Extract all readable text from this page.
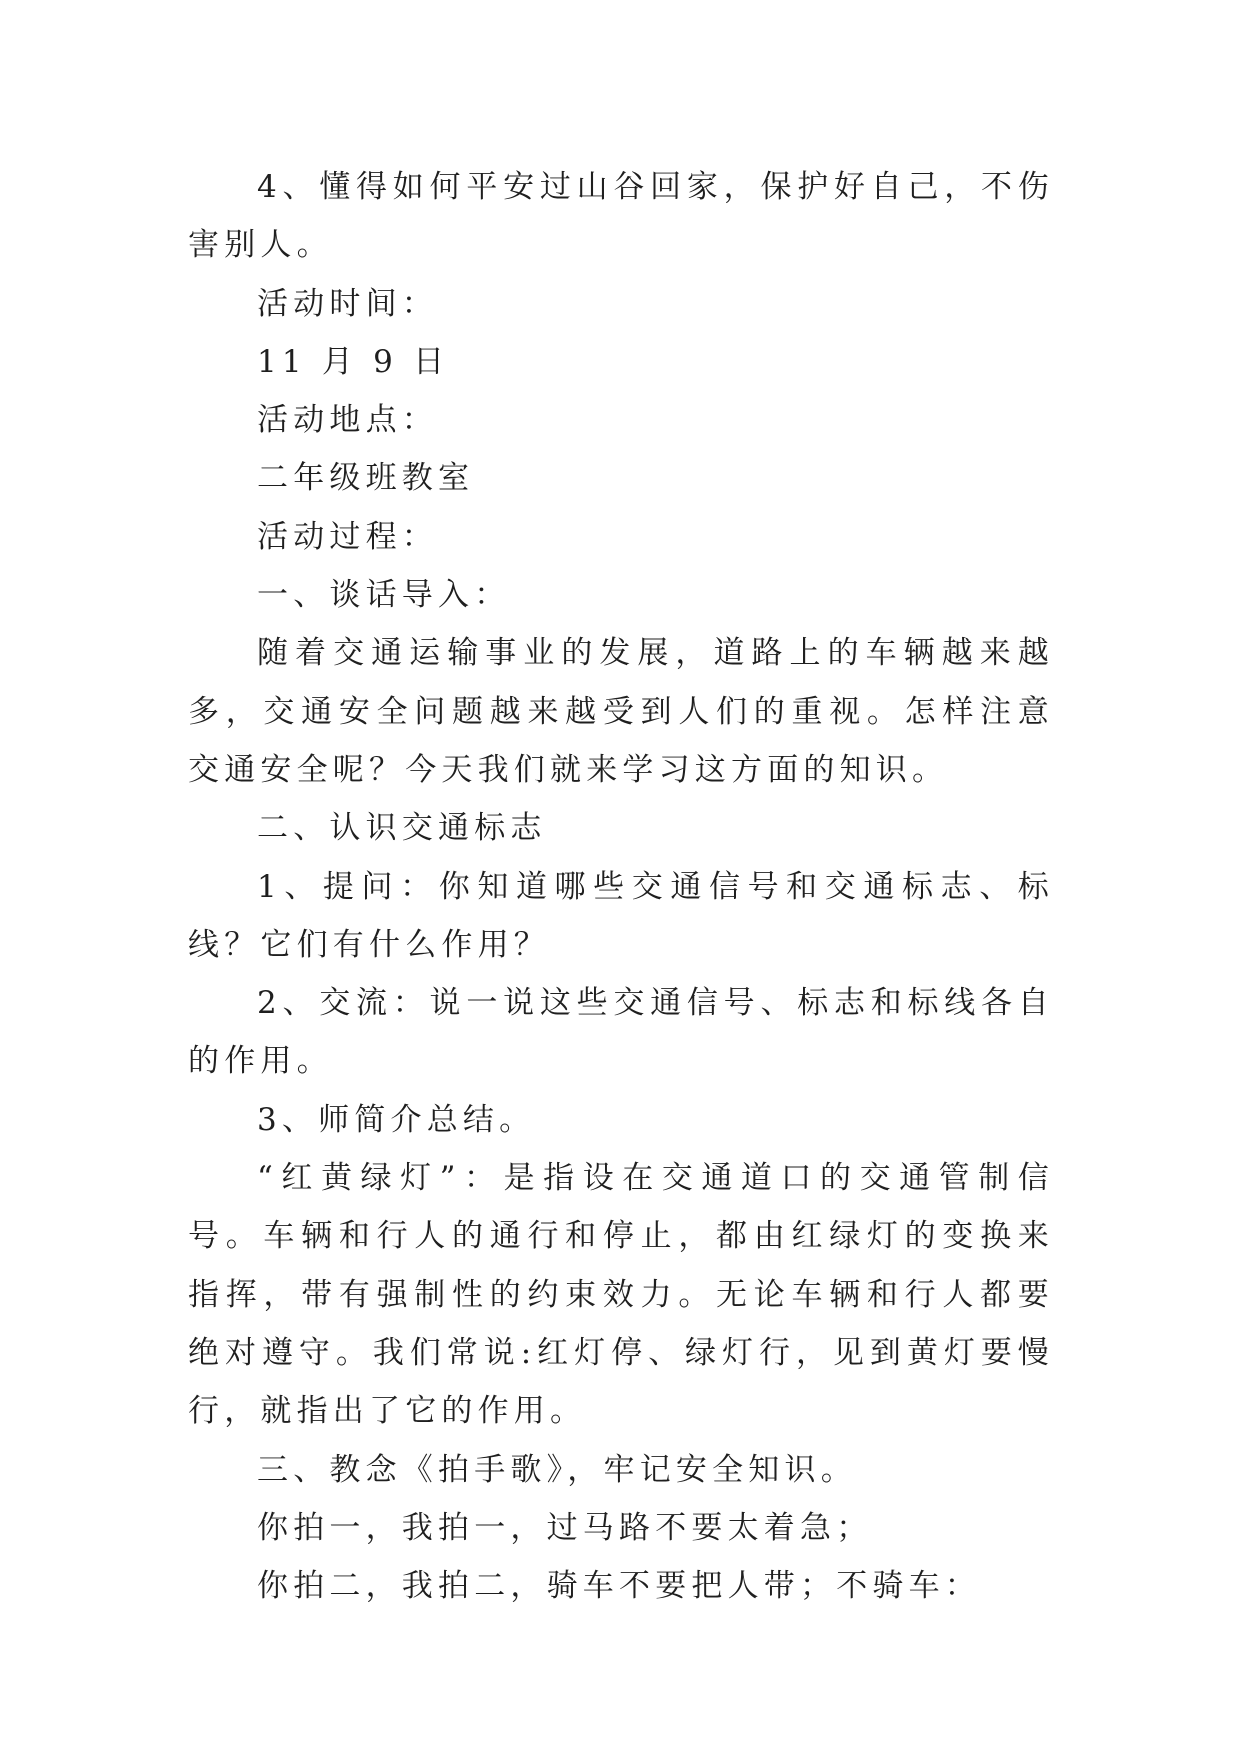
4、懂得如何平安过山谷回家，保护好自己，不伤害别人。

活动时间：

11 月 9 日

活动地点：

二年级班教室

活动过程：

一、谈话导入：

随着交通运输事业的发展，道路上的车辆越来越多，交通安全问题越来越受到人们的重视。怎样注意交通安全呢？今天我们就来学习这方面的知识。

二、认识交通标志

1、提问：你知道哪些交通信号和交通标志、标线？它们有什么作用？

2、交流：说一说这些交通信号、标志和标线各自的作用。

3、师简介总结。

“红黄绿灯”：是指设在交通道口的交通管制信号。车辆和行人的通行和停止，都由红绿灯的变换来指挥，带有强制性的约束效力。无论车辆和行人都要绝对遵守。我们常说:红灯停、绿灯行，见到黄灯要慢行，就指出了它的作用。

三、教念《拍手歌》，牢记安全知识。

你拍一，我拍一，过马路不要太着急；

你拍二，我拍二，骑车不要把人带；不骑车：
